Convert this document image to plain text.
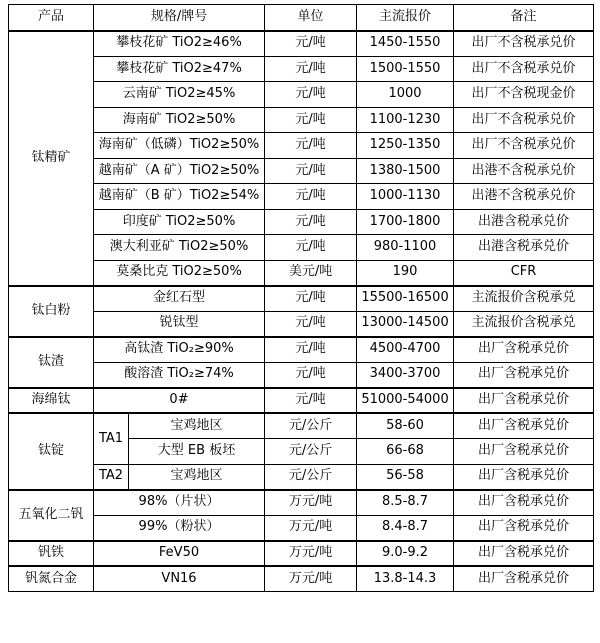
产品	规格/牌号		单位	主流报价	备注
钛精矿	攀枝花矿 TiO2≥46%		元/吨	1450-1550	出厂不含税承兑价
	攀枝花矿 TiO2≥47%		元/吨	1500-1550	出厂不含税承兑价
	云南矿 TiO2≥45%		元/吨	1000	出厂不含税现金价
	海南矿 TiO2≥50%		元/吨	1100-1230	出厂不含税承兑价
	海南矿（低磷）TiO2≥50%		元/吨	1250-1350	出厂不含税承兑价
	越南矿（A 矿）TiO2≥50%		元/吨	1380-1500	出港不含税承兑价
	越南矿（B 矿）TiO2≥54%		元/吨	1000-1130	出港不含税承兑价
	印度矿 TiO2≥50%		元/吨	1700-1800	出港含税承兑价
	澳大利亚矿 TiO2≥50%		元/吨	980-1100	出港含税承兑价
	莫桑比克 TiO2≥50%		美元/吨	190	CFR
钛白粉	金红石型		元/吨	15500-16500	主流报价含税承兑
	锐钛型		元/吨	13000-14500	主流报价含税承兑
钛渣	高钛渣 TiO₂≥90%		元/吨	4500-4700	出厂含税承兑价
	酸溶渣 TiO₂≥74%		元/吨	3400-3700	出厂含税承兑价
海绵钛	0#		元/吨	51000-54000	出厂含税承兑价
钛锭	TA1	宝鸡地区	元/公斤	58-60	出厂含税承兑价
		大型 EB 板坯	元/公斤	66-68	出厂含税承兑价
	TA2	宝鸡地区	元/公斤	56-58	出厂含税承兑价
五氧化二钒	98%（片状）		万元/吨	8.5-8.7	出厂含税承兑价
	99%（粉状）		万元/吨	8.4-8.7	出厂含税承兑价
钒铁	FeV50		万元/吨	9.0-9.2	出厂含税承兑价
钒氮合金	VN16		万元/吨	13.8-14.3	出厂含税承兑价
